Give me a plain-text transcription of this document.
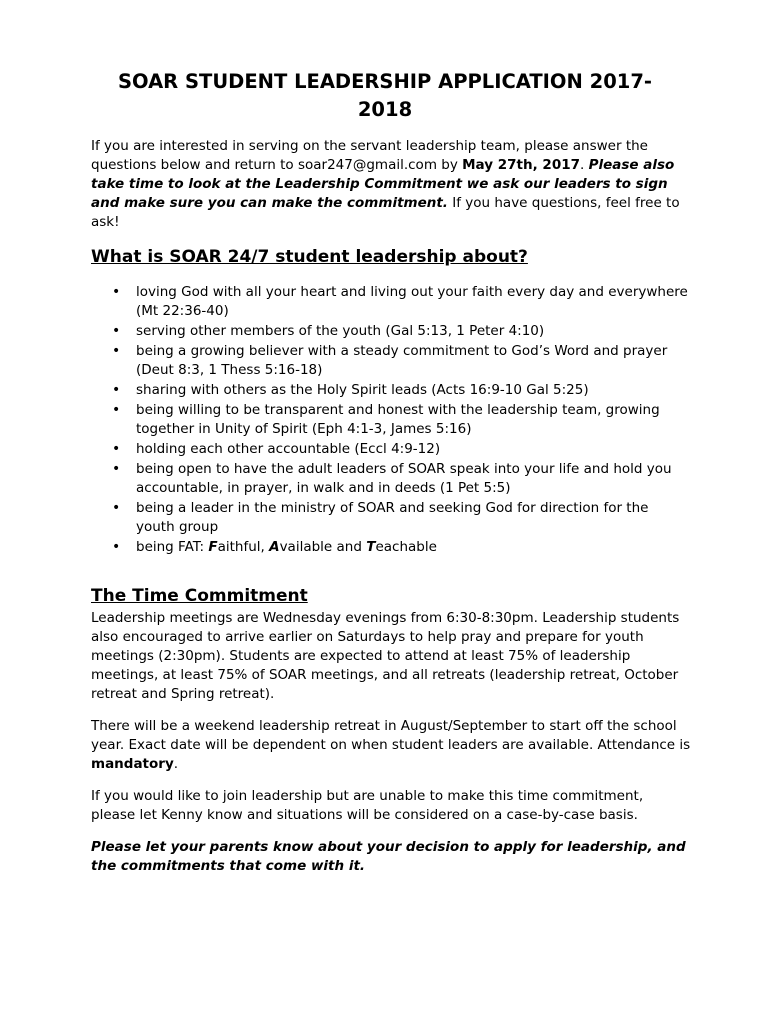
SOAR STUDENT LEADERSHIP APPLICATION 2017-2018

If you are interested in serving on the servant leadership team, please answer the questions below and return to soar247@gmail.com by May 27th, 2017. Please also take time to look at the Leadership Commitment we ask our leaders to sign and make sure you can make the commitment. If you have questions, feel free to ask!

What is SOAR 24/7 student leadership about?
• loving God with all your heart and living out your faith every day and everywhere (Mt 22:36-40)
• serving other members of the youth (Gal 5:13, 1 Peter 4:10)
• being a growing believer with a steady commitment to God’s Word and prayer (Deut 8:3, 1 Thess 5:16-18)
• sharing with others as the Holy Spirit leads (Acts 16:9-10 Gal 5:25)
• being willing to be transparent and honest with the leadership team, growing together in Unity of Spirit (Eph 4:1-3, James 5:16)
• holding each other accountable (Eccl 4:9-12)
• being open to have the adult leaders of SOAR speak into your life and hold you accountable, in prayer, in walk and in deeds (1 Pet 5:5)
• being a leader in the ministry of SOAR and seeking God for direction for the youth group
• being FAT: Faithful, Available and Teachable
The Time Commitment

Leadership meetings are Wednesday evenings from 6:30-8:30pm. Leadership students also encouraged to arrive earlier on Saturdays to help pray and prepare for youth meetings (2:30pm). Students are expected to attend at least 75% of leadership meetings, at least 75% of SOAR meetings, and all retreats (leadership retreat, October retreat and Spring retreat).

There will be a weekend leadership retreat in August/September to start off the school year. Exact date will be dependent on when student leaders are available. Attendance is mandatory.

If you would like to join leadership but are unable to make this time commitment, please let Kenny know and situations will be considered on a case-by-case basis.

Please let your parents know about your decision to apply for leadership, and the commitments that come with it.
